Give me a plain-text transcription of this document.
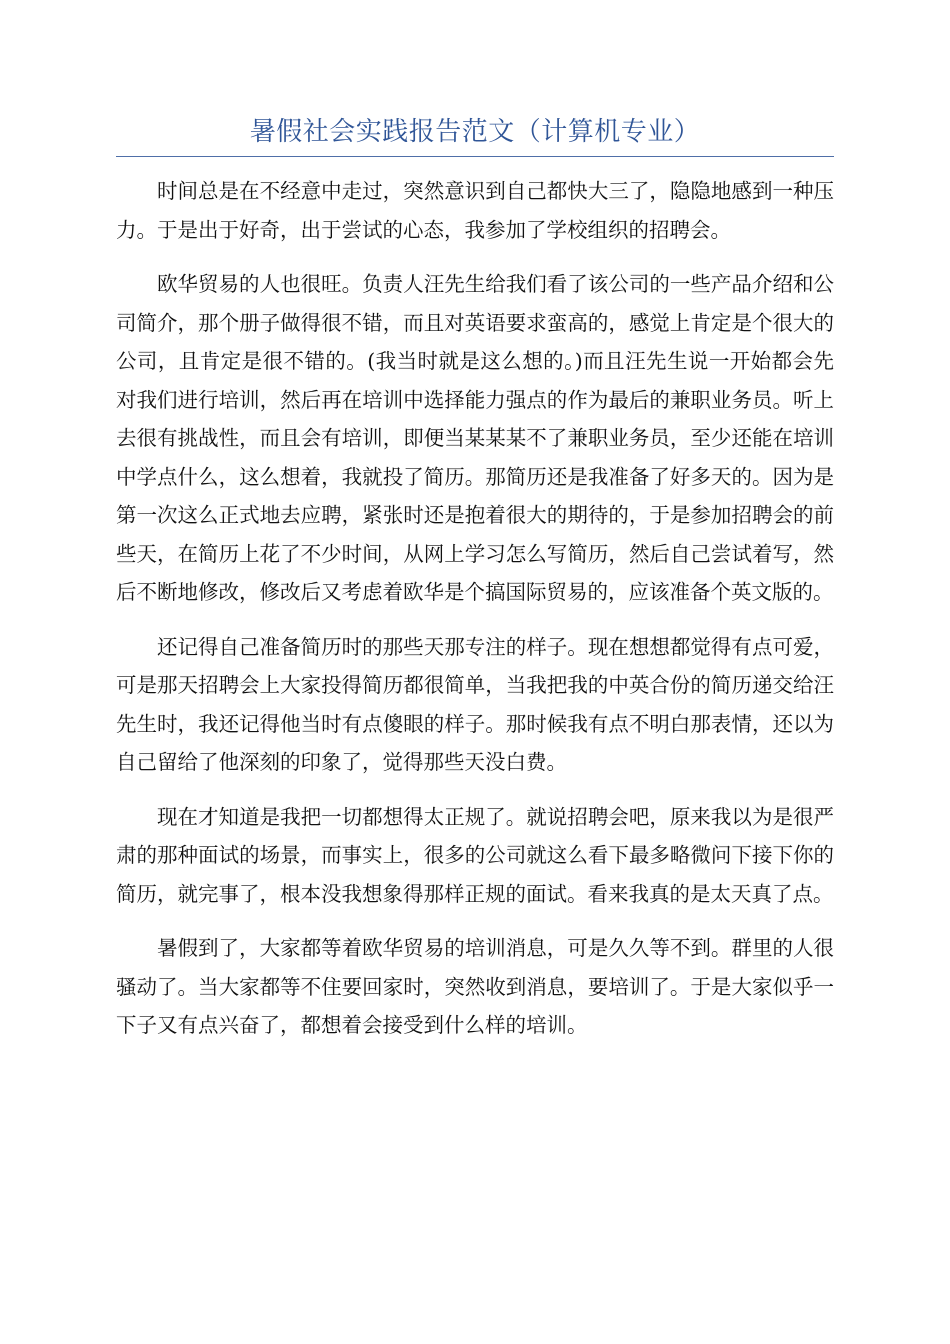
暑假社会实践报告范文（计算机专业）

时间总是在不经意中走过，突然意识到自己都快大三了，隐隐地感到一种压力。于是出于好奇，出于尝试的心态，我参加了学校组织的招聘会。

欧华贸易的人也很旺。负责人汪先生给我们看了该公司的一些产品介绍和公司简介，那个册子做得很不错，而且对英语要求蛮高的，感觉上肯定是个很大的公司，且肯定是很不错的。(我当时就是这么想的。)而且汪先生说一开始都会先对我们进行培训，然后再在培训中选择能力强点的作为最后的兼职业务员。听上去很有挑战性，而且会有培训，即便当某某某不了兼职业务员，至少还能在培训中学点什么，这么想着，我就投了简历。那简历还是我准备了好多天的。因为是第一次这么正式地去应聘，紧张时还是抱着很大的期待的，于是参加招聘会的前些天，在简历上花了不少时间，从网上学习怎么写简历，然后自己尝试着写，然后不断地修改，修改后又考虑着欧华是个搞国际贸易的，应该准备个英文版的。

还记得自己准备简历时的那些天那专注的样子。现在想想都觉得有点可爱，可是那天招聘会上大家投得简历都很简单，当我把我的中英合份的简历递交给汪先生时，我还记得他当时有点傻眼的样子。那时候我有点不明白那表情，还以为自己留给了他深刻的印象了，觉得那些天没白费。

现在才知道是我把一切都想得太正规了。就说招聘会吧，原来我以为是很严肃的那种面试的场景，而事实上，很多的公司就这么看下最多略微问下接下你的简历，就完事了，根本没我想象得那样正规的面试。看来我真的是太天真了点。

暑假到了，大家都等着欧华贸易的培训消息，可是久久等不到。群里的人很骚动了。当大家都等不住要回家时，突然收到消息，要培训了。于是大家似乎一下子又有点兴奋了，都想着会接受到什么样的培训。
